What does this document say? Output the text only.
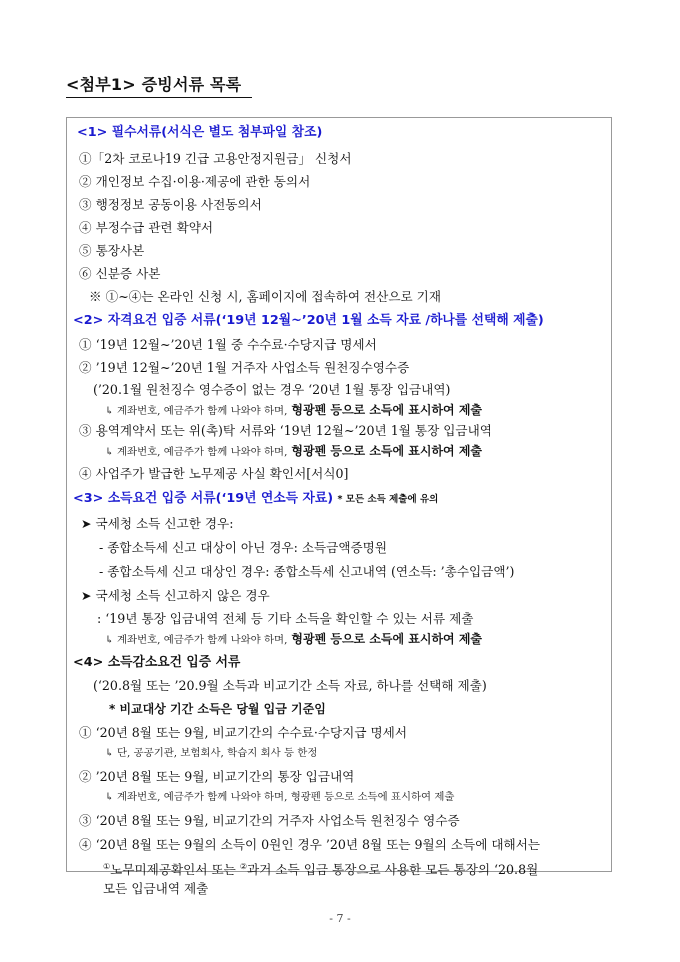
<첨부1> 증빙서류 목록
<1> 필수서류(서식은 별도 첨부파일 참조)
①「2차 코로나19 긴급 고용안정지원금」 신청서
② 개인정보 수집·이용·제공에 관한 동의서
③ 행정정보 공동이용 사전동의서
④ 부정수급 관련 확약서
⑤ 통장사본
⑥ 신분증 사본
※ ①~④는 온라인 신청 시, 홈페이지에 접속하여 전산으로 기재
<2> 자격요건 입증 서류(‘19년 12월~’20년 1월 소득 자료 /하나를 선택해 제출)
① ‘19년 12월~’20년 1월 중 수수료·수당지급 명세서
② ’19년 12월~’20년 1월 거주자 사업소득 원천징수영수증
(’20.1월 원천징수 영수증이 없는 경우 ‘20년 1월 통장 입금내역)
↳ 계좌번호, 예금주가 함께 나와야 하며, 형광펜 등으로 소득에 표시하여 제출
③ 용역계약서 또는 위(촉)탁 서류와 ‘19년 12월~’20년 1월 통장 입금내역
↳ 계좌번호, 예금주가 함께 나와야 하며, 형광펜 등으로 소득에 표시하여 제출
④ 사업주가 발급한 노무제공 사실 확인서[서식0]
<3> 소득요건 입증 서류(‘19년 연소득 자료) * 모든 소득 제출에 유의
➤ 국세청 소득 신고한 경우:
- 종합소득세 신고 대상이 아닌 경우: 소득금액증명원
- 종합소득세 신고 대상인 경우: 종합소득세 신고내역 (연소득: ’총수입금액’)
➤ 국세청 소득 신고하지 않은 경우
: ‘19년 통장 입금내역 전체 등 기타 소득을 확인할 수 있는 서류 제출
↳ 계좌번호, 예금주가 함께 나와야 하며, 형광펜 등으로 소득에 표시하여 제출
<4> 소득감소요건 입증 서류
(‘20.8월 또는 ’20.9월 소득과 비교기간 소득 자료, 하나를 선택해 제출)
* 비교대상 기간 소득은 당월 입금 기준임
① ‘20년 8월 또는 9월, 비교기간의 수수료·수당지급 명세서
↳ 단, 공공기관, 보험회사, 학습지 회사 등 한정
② ’20년 8월 또는 9월, 비교기간의 통장 입금내역
↳ 계좌번호, 예금주가 함께 나와야 하며, 형광펜 등으로 소득에 표시하여 제출
③ ‘20년 8월 또는 9월, 비교기간의 거주자 사업소득 원천징수 영수증
④ ‘20년 8월 또는 9월의 소득이 0원인 경우 ’20년 8월 또는 9월의 소득에 대해서는
①노무미제공확인서 또는 ②과거 소득 입금 통장으로 사용한 모든 통장의 ‘20.8월
모든 입금내역 제출
- 7 -
